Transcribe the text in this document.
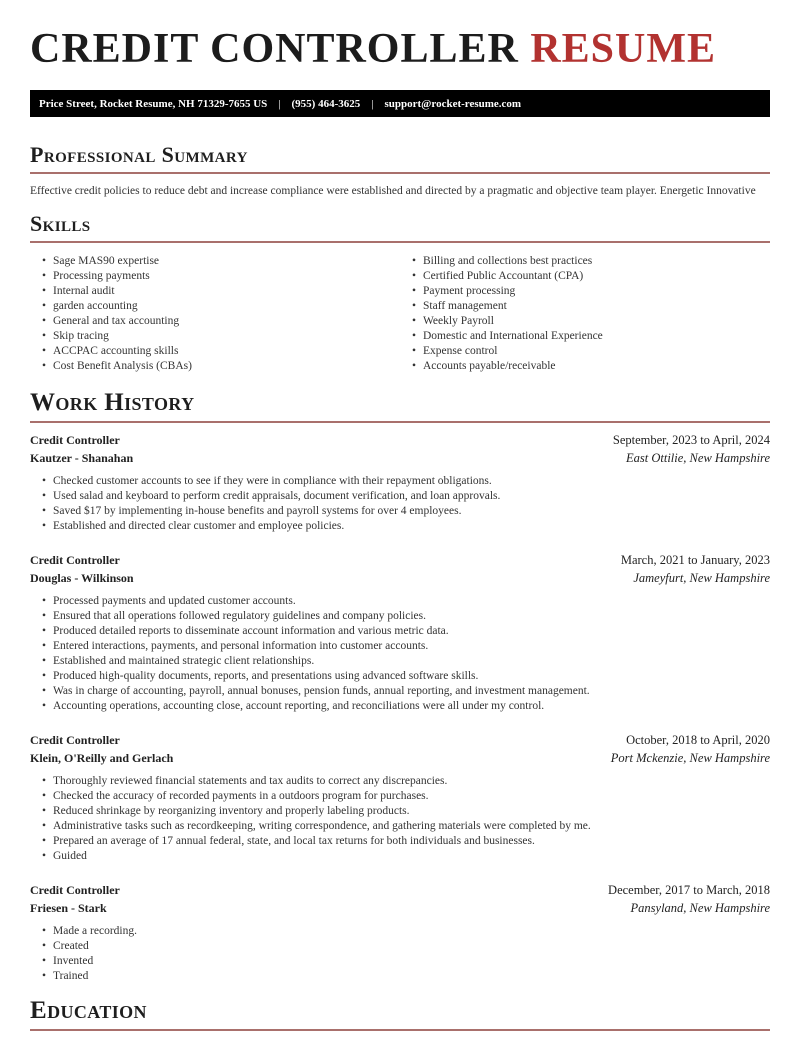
CREDIT CONTROLLER RESUME
Price Street, Rocket Resume, NH 71329-7655 US | (955) 464-3625 | support@rocket-resume.com
Professional Summary

Effective credit policies to reduce debt and increase compliance were established and directed by a pragmatic and objective team player. Energetic Innovative

Skills
• Sage MAS90 expertise
• Processing payments
• Internal audit
• garden accounting
• General and tax accounting
• Skip tracing
• ACCPAC accounting skills
• Cost Benefit Analysis (CBAs)
• Billing and collections best practices
• Certified Public Accountant (CPA)
• Payment processing
• Staff management
• Weekly Payroll
• Domestic and International Experience
• Expense control
• Accounts payable/receivable
Work History
Credit Controller
Kautzer - Shanahan
September, 2023 to April, 2024
East Ottilie, New Hampshire
• Checked customer accounts to see if they were in compliance with their repayment obligations.
• Used salad and keyboard to perform credit appraisals, document verification, and loan approvals.
• Saved $17 by implementing in-house benefits and payroll systems for over 4 employees.
• Established and directed clear customer and employee policies.
Credit Controller
Douglas - Wilkinson
March, 2021 to January, 2023
Jameyfurt, New Hampshire
• Processed payments and updated customer accounts.
• Ensured that all operations followed regulatory guidelines and company policies.
• Produced detailed reports to disseminate account information and various metric data.
• Entered interactions, payments, and personal information into customer accounts.
• Established and maintained strategic client relationships.
• Produced high-quality documents, reports, and presentations using advanced software skills.
• Was in charge of accounting, payroll, annual bonuses, pension funds, annual reporting, and investment management.
• Accounting operations, accounting close, account reporting, and reconciliations were all under my control.
Credit Controller
Klein, O'Reilly and Gerlach
October, 2018 to April, 2020
Port Mckenzie, New Hampshire
• Thoroughly reviewed financial statements and tax audits to correct any discrepancies.
• Checked the accuracy of recorded payments in a outdoors program for purchases.
• Reduced shrinkage by reorganizing inventory and properly labeling products.
• Administrative tasks such as recordkeeping, writing correspondence, and gathering materials were completed by me.
• Prepared an average of 17 annual federal, state, and local tax returns for both individuals and businesses.
• Guided
Credit Controller
Friesen - Stark
December, 2017 to March, 2018
Pansyland, New Hampshire
• Made a recording.
• Created
• Invented
• Trained
Education
